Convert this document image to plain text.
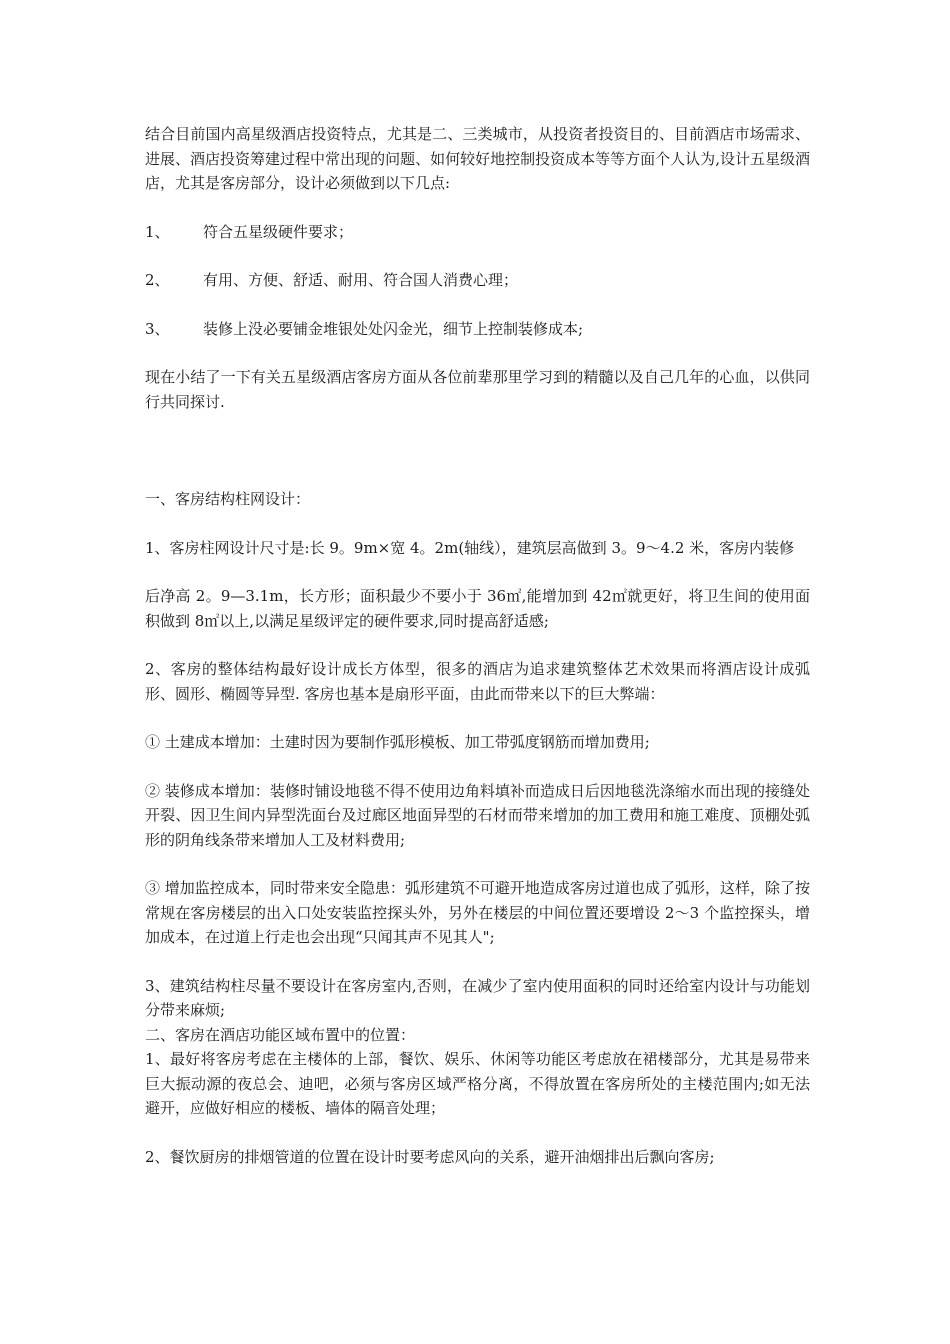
结合目前国内高星级酒店投资特点，尤其是二、三类城市，从投资者投资目的、目前酒店市场需求、进展、酒店投资筹建过程中常出现的问题、如何较好地控制投资成本等等方面个人认为,设计五星级酒店，尤其是客房部分，设计必须做到以下几点:

1、	符合五星级硬件要求；
2、	有用、方便、舒适、耐用、符合国人消费心理；
3、	装修上没必要铺金堆银处处闪金光，细节上控制装修成本;

现在小结了一下有关五星级酒店客房方面从各位前辈那里学习到的精髓以及自己几年的心血，以供同行共同探讨.

一、客房结构柱网设计：

1、客房柱网设计尺寸是:长 9。9m×宽 4。2m(轴线），建筑层高做到 3。9～4.2 米，客房内装修

后净高 2。9—3.1m，长方形；面积最少不要小于 36㎡,能增加到 42㎡就更好，将卫生间的使用面积做到 8㎡以上,以满足星级评定的硬件要求,同时提高舒适感;

2、客房的整体结构最好设计成长方体型，很多的酒店为追求建筑整体艺术效果而将酒店设计成弧形、圆形、椭圆等异型. 客房也基本是扇形平面，由此而带来以下的巨大弊端：

① 土建成本增加：土建时因为要制作弧形模板、加工带弧度钢筋而增加费用;

② 装修成本增加：装修时铺设地毯不得不使用边角料填补而造成日后因地毯洗涤缩水而出现的接缝处开裂、因卫生间内异型洗面台及过廊区地面异型的石材而带来增加的加工费用和施工难度、顶棚处弧形的阴角线条带来增加人工及材料费用;

③ 增加监控成本，同时带来安全隐患：弧形建筑不可避开地造成客房过道也成了弧形，这样，除了按常规在客房楼层的出入口处安装监控探头外，另外在楼层的中间位置还要增设 2～3 个监控探头，增加成本，在过道上行走也会出现“只闻其声不见其人";

3、建筑结构柱尽量不要设计在客房室内,否则，在减少了室内使用面积的同时还给室内设计与功能划分带来麻烦;

二、客房在酒店功能区域布置中的位置：

1、最好将客房考虑在主楼体的上部，餐饮、娱乐、休闲等功能区考虑放在裙楼部分，尤其是易带来巨大振动源的夜总会、迪吧，必须与客房区域严格分离，不得放置在客房所处的主楼范围内;如无法避开，应做好相应的楼板、墙体的隔音处理；

2、餐饮厨房的排烟管道的位置在设计时要考虑风向的关系，避开油烟排出后飘向客房;
